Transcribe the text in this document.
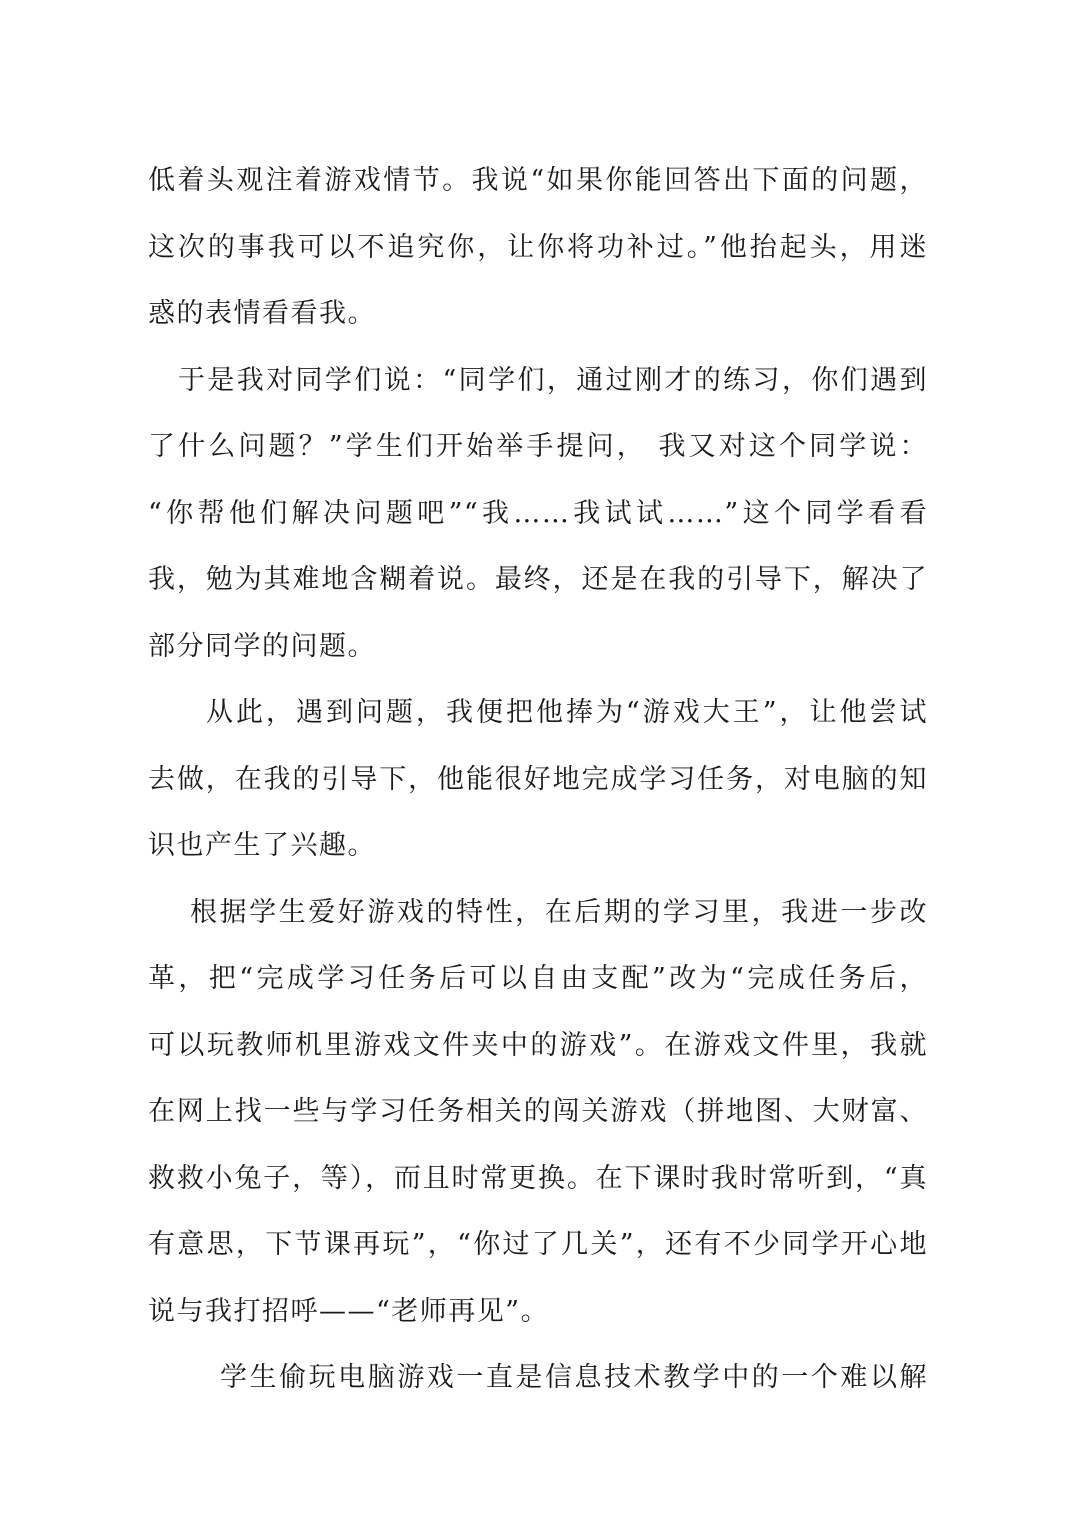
低着头观注着游戏情节。我说“如果你能回答出下面的问题，
这次的事我可以不追究你，让你将功补过。”他抬起头，用迷
惑的表情看看我。
于是我对同学们说：“同学们，通过刚才的练习，你们遇到
了什么问题？”学生们开始举手提问， 我又对这个同学说：
“你帮他们解决问题吧”“我……我试试……”这个同学看看
我，勉为其难地含糊着说。最终，还是在我的引导下，解决了
部分同学的问题。
从此，遇到问题，我便把他捧为“游戏大王”，让他尝试
去做，在我的引导下，他能很好地完成学习任务，对电脑的知
识也产生了兴趣。
根据学生爱好游戏的特性，在后期的学习里，我进一步改
革，把“完成学习任务后可以自由支配”改为“完成任务后，
可以玩教师机里游戏文件夹中的游戏”。在游戏文件里，我就
在网上找一些与学习任务相关的闯关游戏（拼地图、大财富、
救救小兔子，等），而且时常更换。在下课时我时常听到，“真
有意思，下节课再玩”，“你过了几关”，还有不少同学开心地
说与我打招呼——“老师再见”。
学生偷玩电脑游戏一直是信息技术教学中的一个难以解
